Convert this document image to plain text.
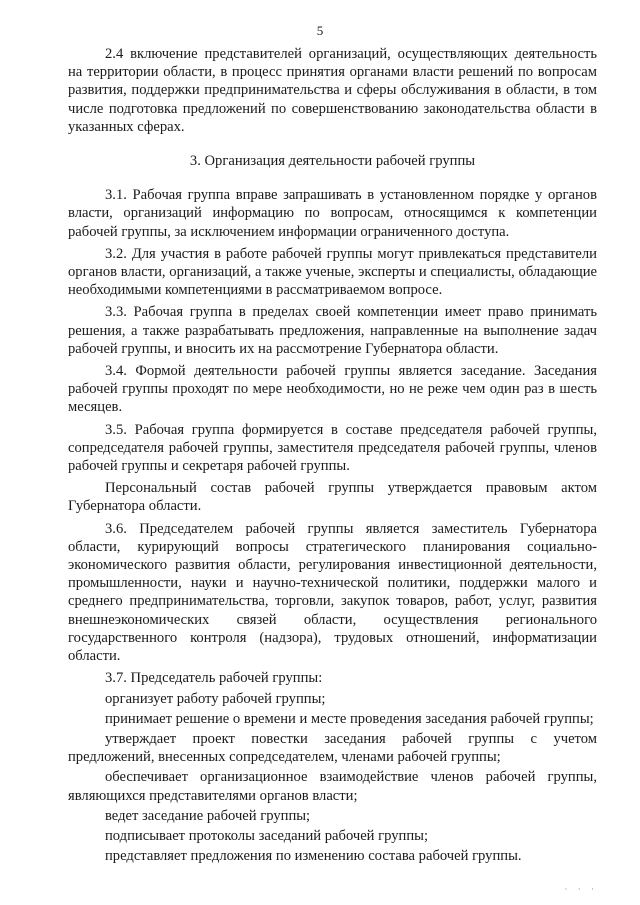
5

2.4 включение представителей организаций, осуществляющих деятельность на территории области, в процесс принятия органами власти решений по вопросам развития, поддержки предпринимательства и сферы обслуживания в области, в том числе подготовка предложений по совершенствованию законодательства области в указанных сферах.

3. Организация деятельности рабочей группы

3.1. Рабочая группа вправе запрашивать в установленном порядке у органов власти, организаций информацию по вопросам, относящимся к компетенции рабочей группы, за исключением информации ограниченного доступа.

3.2. Для участия в работе рабочей группы могут привлекаться представители органов власти, организаций, а также ученые, эксперты и специалисты, обладающие необходимыми компетенциями в рассматриваемом вопросе.

3.3. Рабочая группа в пределах своей компетенции имеет право принимать решения, а также разрабатывать предложения, направленные на выполнение задач рабочей группы, и вносить их на рассмотрение Губернатора области.

3.4. Формой деятельности рабочей группы является заседание. Заседания рабочей группы проходят по мере необходимости, но не реже чем один раз в шесть месяцев.

3.5. Рабочая группа формируется в составе председателя рабочей группы, сопредседателя рабочей группы, заместителя председателя рабочей группы, членов рабочей группы и секретаря рабочей группы.

Персональный состав рабочей группы утверждается правовым актом Губернатора области.

3.6. Председателем рабочей группы является заместитель Губернатора области, курирующий вопросы стратегического планирования социально-экономического развития области, регулирования инвестиционной деятельности, промышленности, науки и научно-технической политики, поддержки малого и среднего предпринимательства, торговли, закупок товаров, работ, услуг, развития внешнеэкономических связей области, осуществления регионального государственного контроля (надзора), трудовых отношений, информатизации области.

3.7. Председатель рабочей группы:

организует работу рабочей группы;

принимает решение о времени и месте проведения заседания рабочей группы;

утверждает проект повестки заседания рабочей группы с учетом предложений, внесенных сопредседателем, членами рабочей группы;

обеспечивает организационное взаимодействие членов рабочей группы, являющихся представителями органов власти;

ведет заседание рабочей группы;

подписывает протоколы заседаний рабочей группы;

представляет предложения по изменению состава рабочей группы.

· · ·
